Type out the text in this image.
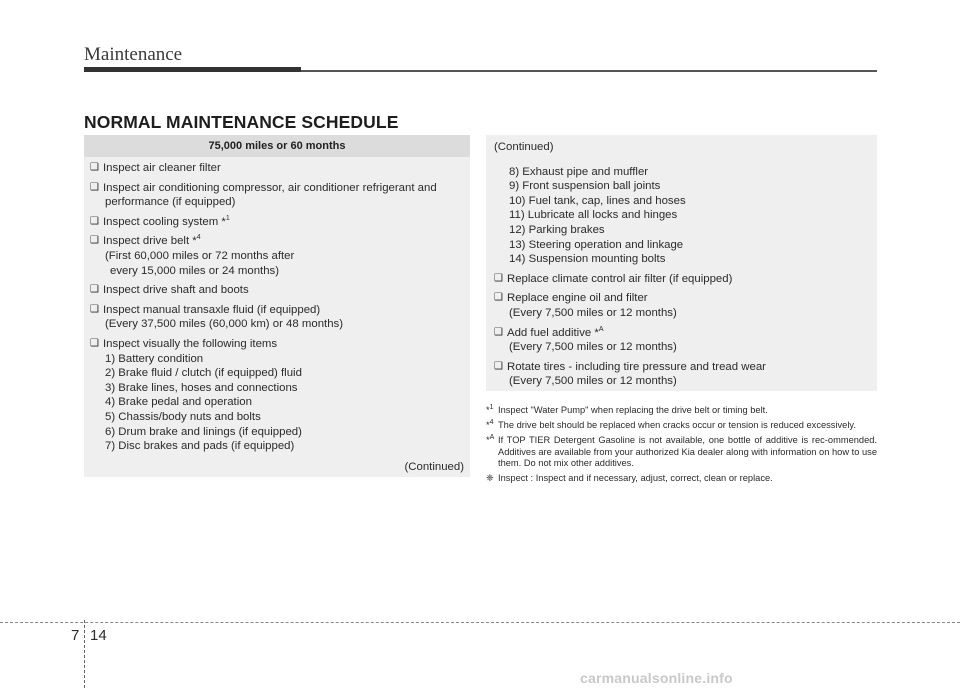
Maintenance
NORMAL MAINTENANCE SCHEDULE
75,000 miles or 60 months
❑ Inspect air cleaner filter
❑ Inspect air conditioning compressor, air conditioner refrigerant and
performance (if equipped)
❑ Inspect cooling system *$^1$
❑ Inspect drive belt *$^4$
(First 60,000 miles or 72 months after
every 15,000 miles or 24 months)
❑ Inspect drive shaft and boots
❑ Inspect manual transaxle fluid (if equipped)
(Every 37,500 miles (60,000 km) or 48 months)
❑ Inspect visually the following items
1) Battery condition
2) Brake fluid / clutch (if equipped) fluid
3) Brake lines, hoses and connections
4) Brake pedal and operation
5) Chassis/body nuts and bolts
6) Drum brake and linings (if equipped)
7) Disc brakes and pads (if equipped)
(Continued)
(Continued)
8) Exhaust pipe and muffler
9) Front suspension ball joints
10) Fuel tank, cap, lines and hoses
11) Lubricate all locks and hinges
12) Parking brakes
13) Steering operation and linkage
14) Suspension mounting bolts
❑ Replace climate control air filter (if equipped)
❑ Replace engine oil and filter
(Every 7,500 miles or 12 months)
❑ Add fuel additive *$^A$
(Every 7,500 miles or 12 months)
❑ Rotate tires - including tire pressure and tread wear
(Every 7,500 miles or 12 months)
*$^1$ Inspect "Water Pump" when replacing the drive belt or timing belt.
*$^4$ The drive belt should be replaced when cracks occur or tension is reduced excessively.
*$^A$ If TOP TIER Detergent Gasoline is not available, one bottle of additive is rec-ommended. Additives are available from your authorized Kia dealer along with information on how to use them. Do not mix other additives.
❈ Inspect : Inspect and if necessary, adjust, correct, clean or replace.
7 14
carmanualsonline.info
